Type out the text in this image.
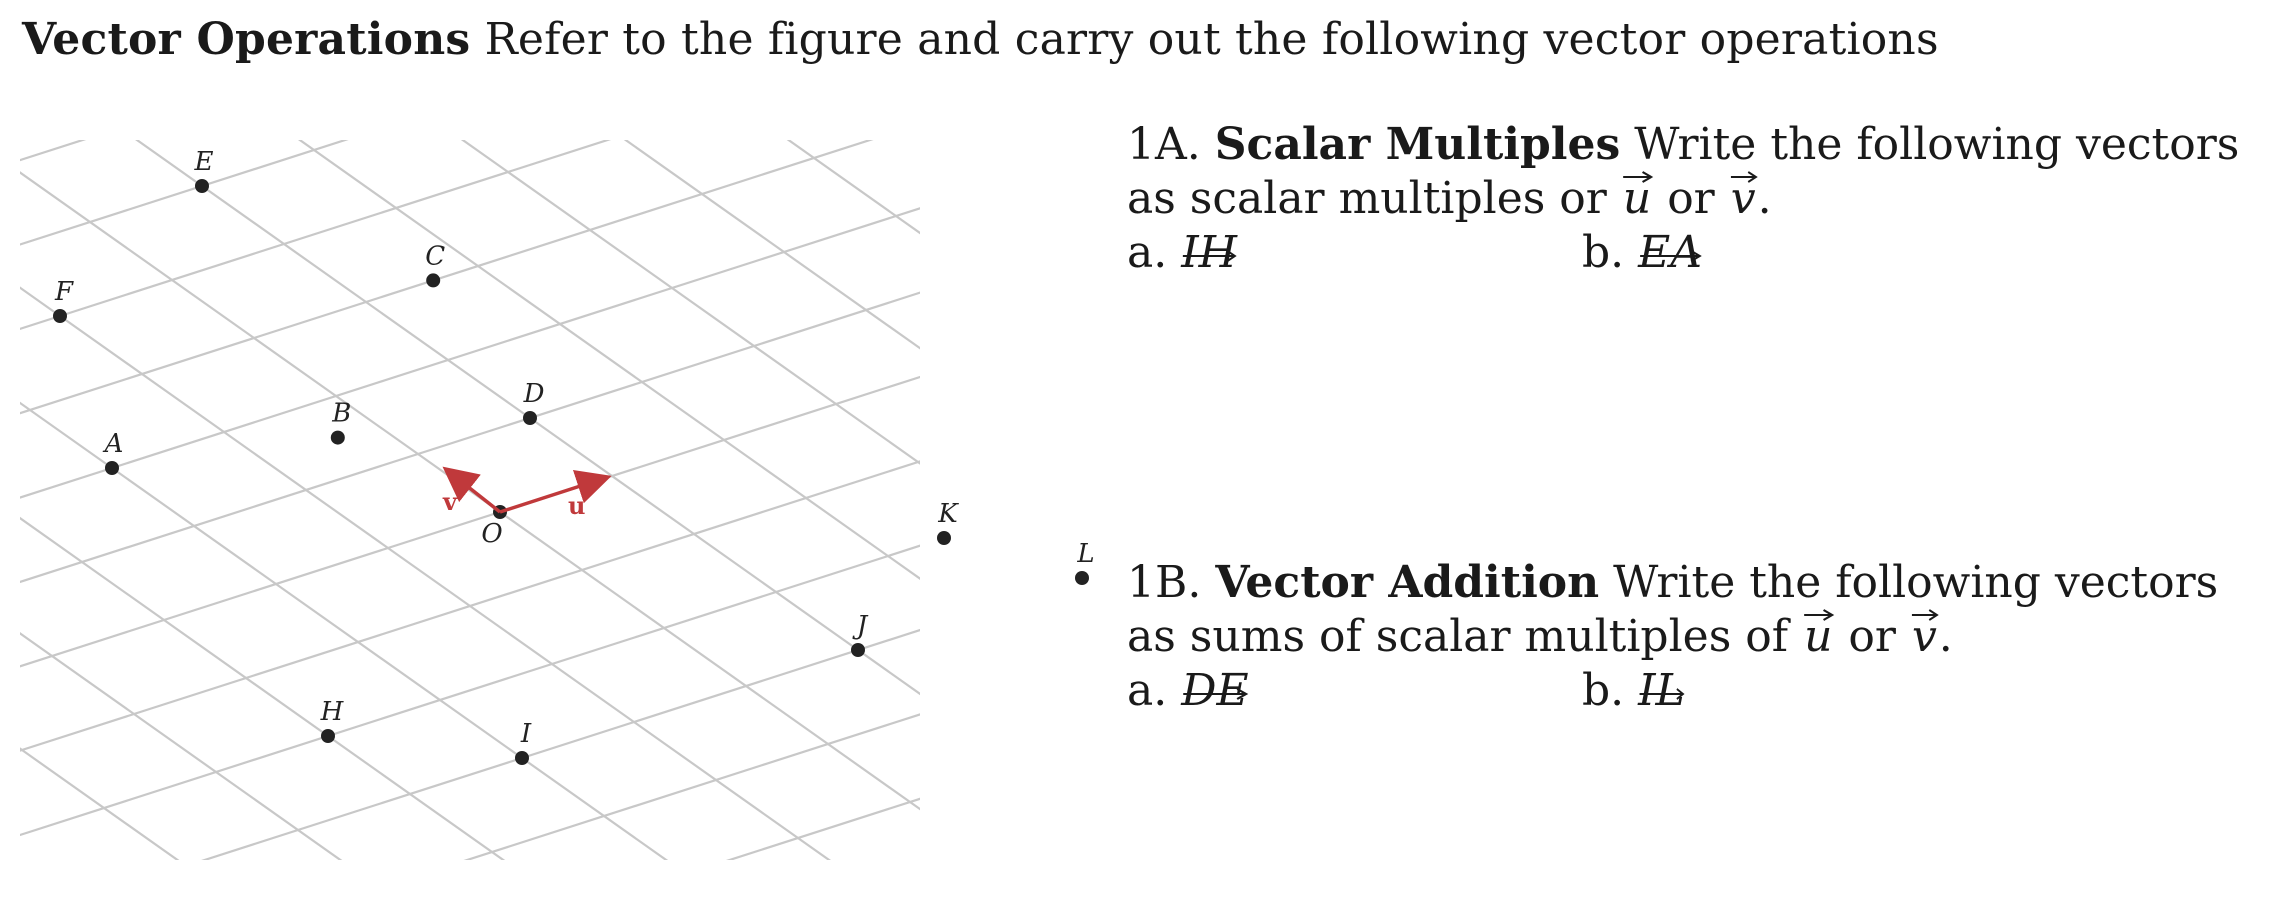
Vector Operations Refer to the figure and carry out the following vector operations
F
E
C
A
B
D
O
H
K
I
J
L
u
v
1A. Scalar Multiples Write the following vectors
as scalar multiples or u or v.
a. IH	b. EA
1B. Vector Addition Write the following vectors
as sums of scalar multiples of u or v.
a. DE	b. IL
